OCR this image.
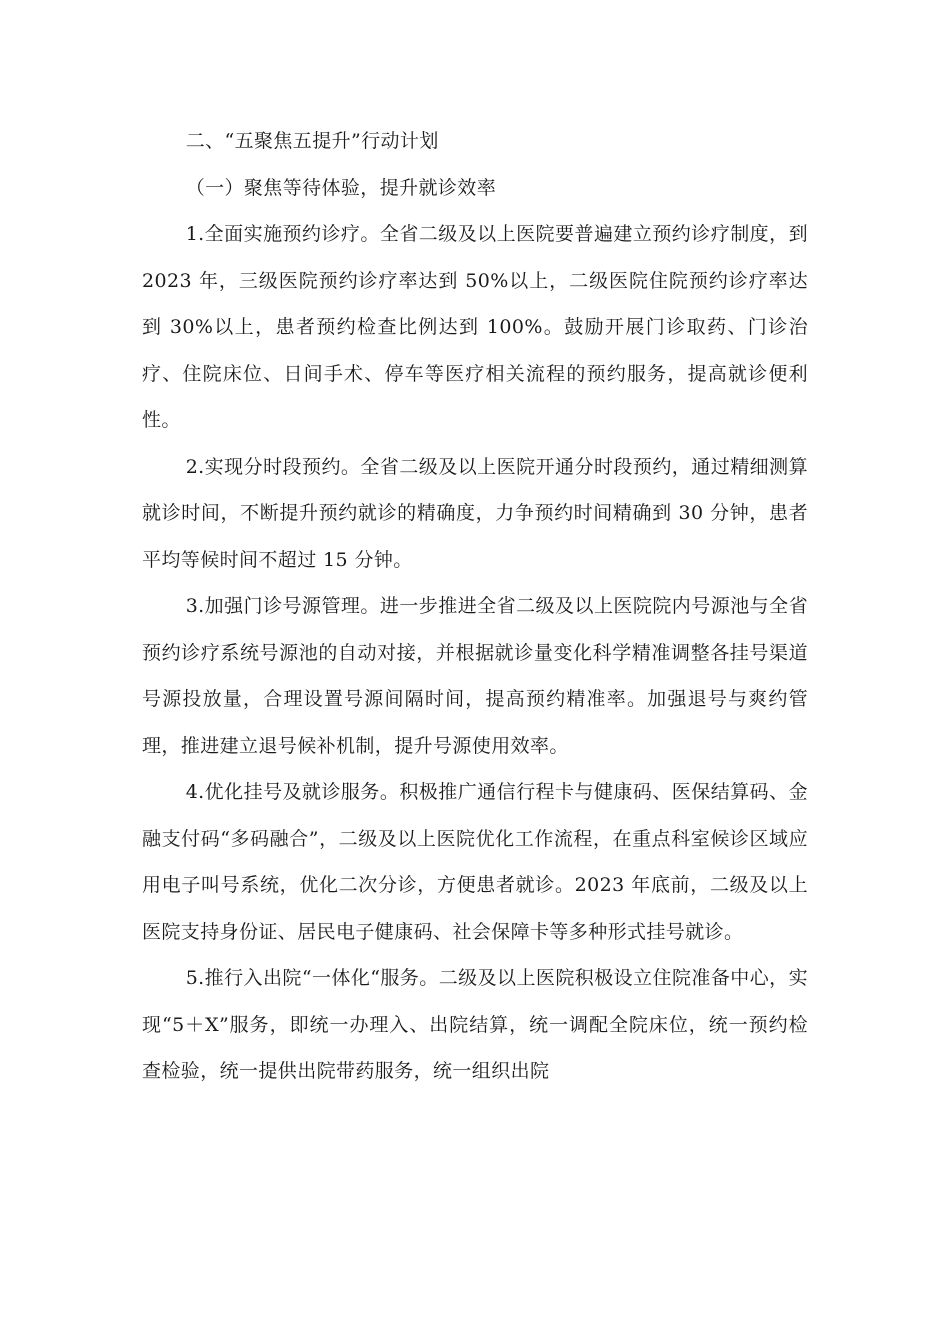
二、“五聚焦五提升”行动计划

（一）聚焦等待体验，提升就诊效率

1.全面实施预约诊疗。全省二级及以上医院要普遍建立预约诊疗制度，到 2023 年，三级医院预约诊疗率达到 50%以上，二级医院住院预约诊疗率达到 30%以上，患者预约检查比例达到 100%。鼓励开展门诊取药、门诊治疗、住院床位、日间手术、停车等医疗相关流程的预约服务，提高就诊便利性。

2.实现分时段预约。全省二级及以上医院开通分时段预约，通过精细测算就诊时间，不断提升预约就诊的精确度，力争预约时间精确到 30 分钟，患者平均等候时间不超过 15 分钟。

3.加强门诊号源管理。进一步推进全省二级及以上医院院内号源池与全省预约诊疗系统号源池的自动对接，并根据就诊量变化科学精准调整各挂号渠道号源投放量，合理设置号源间隔时间，提高预约精准率。加强退号与爽约管理，推进建立退号候补机制，提升号源使用效率。

4.优化挂号及就诊服务。积极推广通信行程卡与健康码、医保结算码、金融支付码“多码融合”，二级及以上医院优化工作流程，在重点科室候诊区域应用电子叫号系统，优化二次分诊，方便患者就诊。2023 年底前，二级及以上医院支持身份证、居民电子健康码、社会保障卡等多种形式挂号就诊。

5.推行入出院“一体化“服务。二级及以上医院积极设立住院准备中心，实现“5＋X”服务，即统一办理入、出院结算，统一调配全院床位，统一预约检查检验，统一提供出院带药服务，统一组织出院
